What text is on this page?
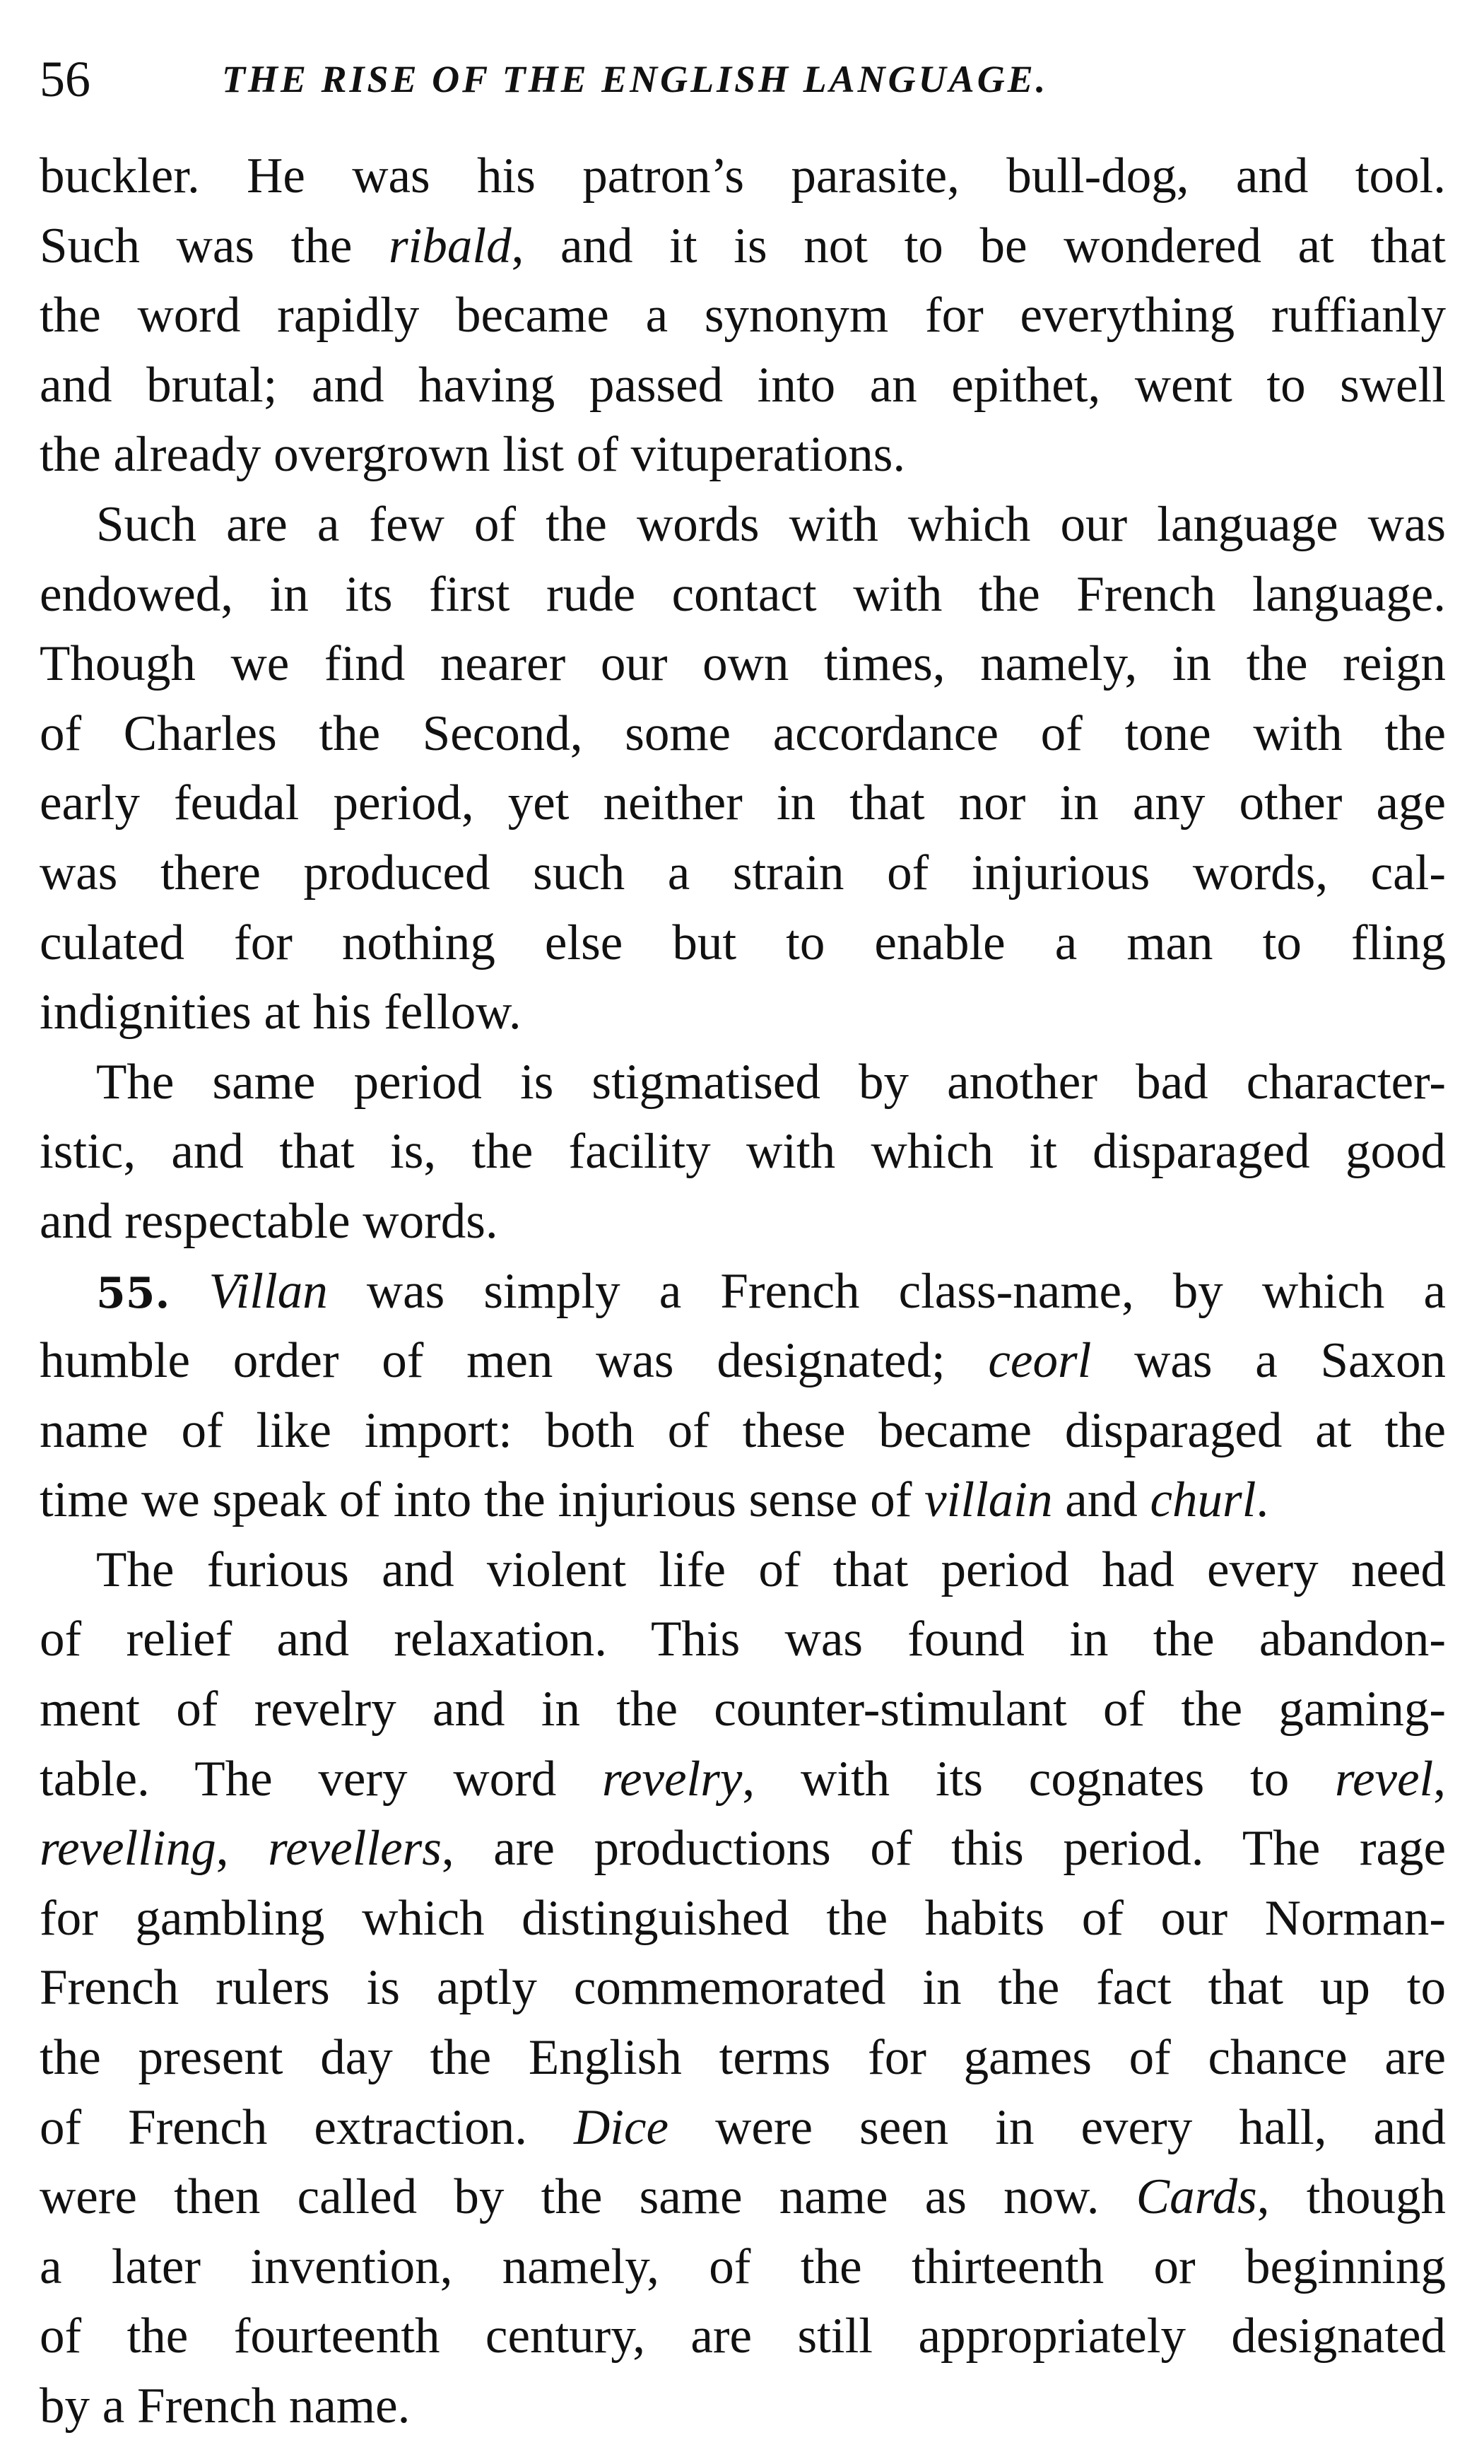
56	THE RISE OF THE ENGLISH LANGUAGE.
buckler. He was his patron’s parasite, bull-dog, and tool.
Such was the ribald, and it is not to be wondered at that
the word rapidly became a synonym for everything ruffianly
and brutal; and having passed into an epithet, went to swell
the already overgrown list of vituperations.
Such are a few of the words with which our language was
endowed, in its first rude contact with the French language.
Though we find nearer our own times, namely, in the reign
of Charles the Second, some accordance of tone with the
early feudal period, yet neither in that nor in any other age
was there produced such a strain of injurious words, cal-
culated for nothing else but to enable a man to fling
indignities at his fellow.
The same period is stigmatised by another bad character-
istic, and that is, the facility with which it disparaged good
and respectable words.
55. Villan was simply a French class-name, by which a
humble order of men was designated; ceorl was a Saxon
name of like import: both of these became disparaged at the
time we speak of into the injurious sense of villain and churl.
The furious and violent life of that period had every need
of relief and relaxation. This was found in the abandon-
ment of revelry and in the counter-stimulant of the gaming-
table. The very word revelry, with its cognates to revel,
revelling, revellers, are productions of this period. The rage
for gambling which distinguished the habits of our Norman-
French rulers is aptly commemorated in the fact that up to
the present day the English terms for games of chance are
of French extraction. Dice were seen in every hall, and
were then called by the same name as now. Cards, though
a later invention, namely, of the thirteenth or beginning
of the fourteenth century, are still appropriately designated
by a French name.
